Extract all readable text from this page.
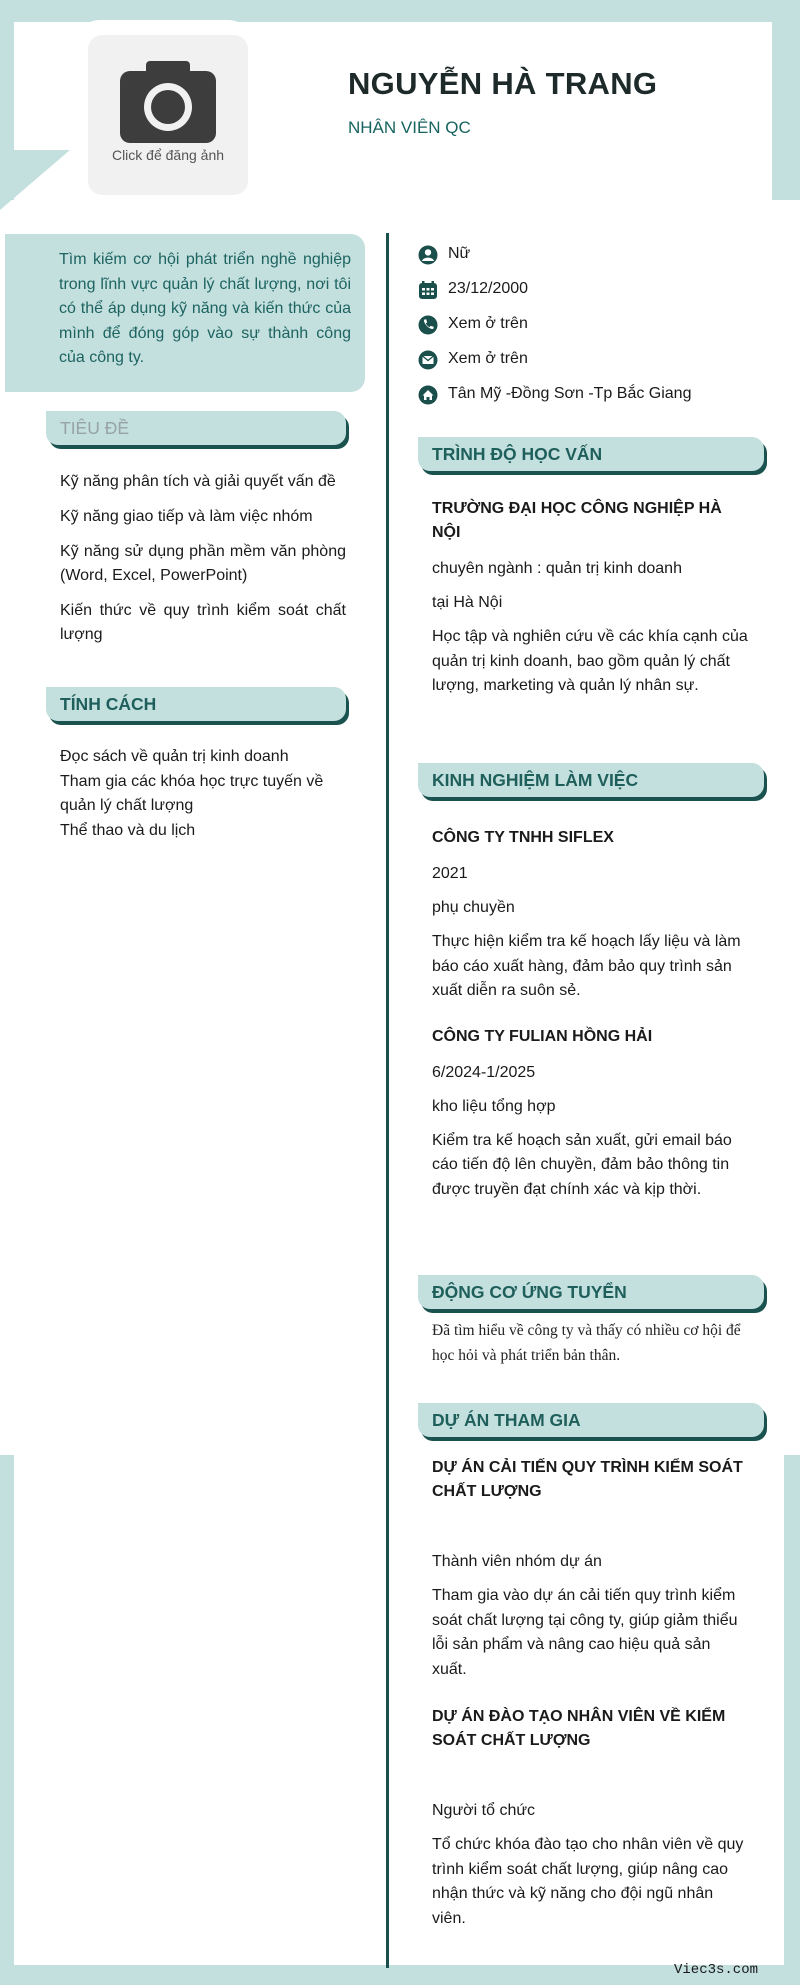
Click để đăng ảnh
NGUYỄN HÀ TRANG
NHÂN VIÊN QC

Tìm kiếm cơ hội phát triển nghề nghiệp trong lĩnh vực quản lý chất lượng, nơi tôi có thể áp dụng kỹ năng và kiến thức của mình để đóng góp vào sự thành công của công ty.

TIÊU ĐỀ
Kỹ năng phân tích và giải quyết vấn đề
Kỹ năng giao tiếp và làm việc nhóm
Kỹ năng sử dụng phần mềm văn phòng (Word, Excel, PowerPoint)
Kiến thức về quy trình kiểm soát chất lượng
TÍNH CÁCH
Đọc sách về quản trị kinh doanh
Tham gia các khóa học trực tuyến về quản lý chất lượng
Thể thao và du lịch
Nữ
23/12/2000
Xem ở trên
Xem ở trên
Tân Mỹ -Đồng Sơn -Tp Bắc Giang
TRÌNH ĐỘ HỌC VẤN
TRƯỜNG ĐẠI HỌC CÔNG NGHIỆP HÀ NỘI
chuyên ngành : quản trị kinh doanh
tại Hà Nội
Học tập và nghiên cứu về các khía cạnh của quản trị kinh doanh, bao gồm quản lý chất lượng, marketing và quản lý nhân sự.
KINH NGHIỆM LÀM VIỆC
CÔNG TY TNHH SIFLEX
2021
phụ chuyền
Thực hiện kiểm tra kế hoạch lấy liệu và làm báo cáo xuất hàng, đảm bảo quy trình sản xuất diễn ra suôn sẻ.
CÔNG TY FULIAN HỒNG HẢI
6/2024-1/2025
kho liệu tổng hợp
Kiểm tra kế hoạch sản xuất, gửi email báo cáo tiến độ lên chuyền, đảm bảo thông tin được truyền đạt chính xác và kịp thời.
ĐỘNG CƠ ỨNG TUYỂN
Đã tìm hiểu về công ty và thấy có nhiều cơ hội để học hỏi và phát triển bản thân.
DỰ ÁN THAM GIA
DỰ ÁN CẢI TIẾN QUY TRÌNH KIỂM SOÁT CHẤT LƯỢNG
Thành viên nhóm dự án
Tham gia vào dự án cải tiến quy trình kiểm soát chất lượng tại công ty, giúp giảm thiểu lỗi sản phẩm và nâng cao hiệu quả sản xuất.
DỰ ÁN ĐÀO TẠO NHÂN VIÊN VỀ KIỂM SOÁT CHẤT LƯỢNG
Người tổ chức
Tổ chức khóa đào tạo cho nhân viên về quy trình kiểm soát chất lượng, giúp nâng cao nhận thức và kỹ năng cho đội ngũ nhân viên.
Viec3s.com
